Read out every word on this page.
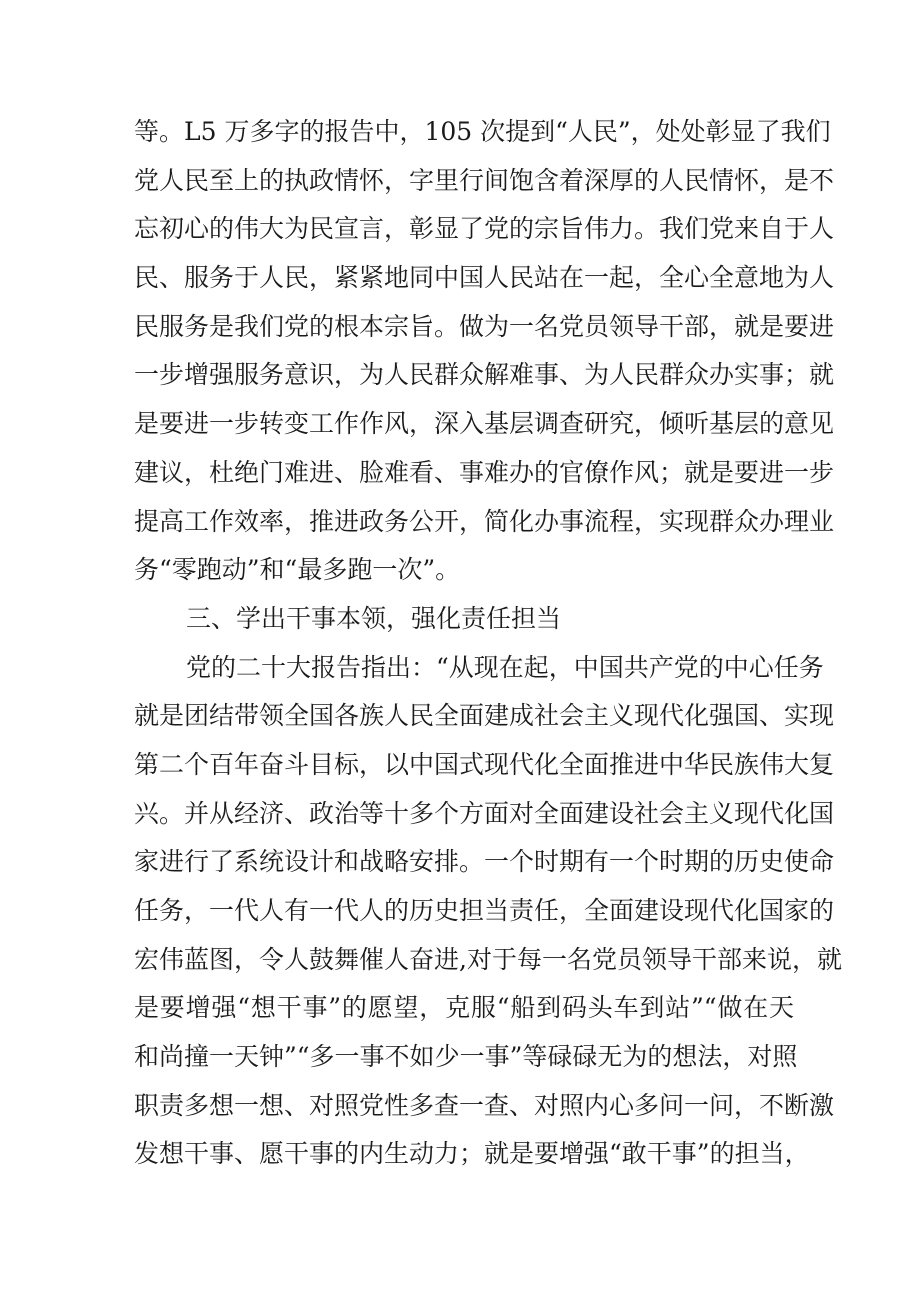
等。L5 万多字的报告中，105 次提到“人民”，处处彰显了我们
党人民至上的执政情怀，字里行间饱含着深厚的人民情怀，是不
忘初心的伟大为民宣言，彰显了党的宗旨伟力。我们党来自于人
民、服务于人民，紧紧地同中国人民站在一起，全心全意地为人
民服务是我们党的根本宗旨。做为一名党员领导干部，就是要进
一步增强服务意识，为人民群众解难事、为人民群众办实事；就
是要进一步转变工作作风，深入基层调查研究，倾听基层的意见
建议，杜绝门难进、脸难看、事难办的官僚作风；就是要进一步
提高工作效率，推进政务公开，简化办事流程，实现群众办理业
务“零跑动”和“最多跑一次”。
三、学出干事本领，强化责任担当
党的二十大报告指出：“从现在起，中国共产党的中心任务
就是团结带领全国各族人民全面建成社会主义现代化强国、实现
第二个百年奋斗目标，以中国式现代化全面推进中华民族伟大复
兴。并从经济、政治等十多个方面对全面建设社会主义现代化国
家进行了系统设计和战略安排。一个时期有一个时期的历史使命
任务，一代人有一代人的历史担当责任，全面建设现代化国家的
宏伟蓝图，令人鼓舞催人奋进,对于每一名党员领导干部来说，就
是要增强“想干事”的愿望，克服“船到码头车到站”“做在天
和尚撞一天钟”“多一事不如少一事”等碌碌无为的想法，对照
职责多想一想、对照党性多查一查、对照内心多问一问，不断激
发想干事、愿干事的内生动力；就是要增强“敢干事”的担当，
